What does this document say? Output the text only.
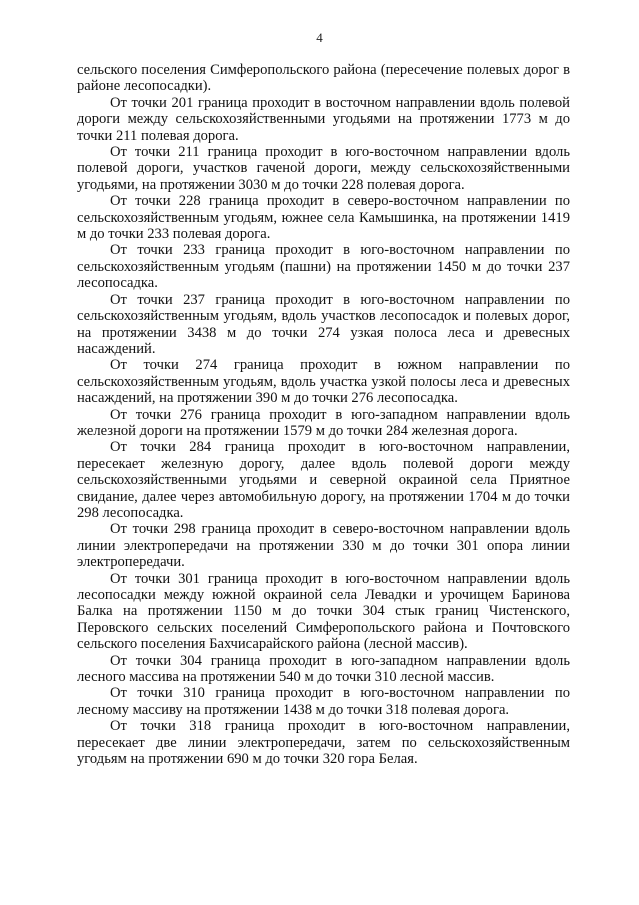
4

сельского поселения Симферопольского района (пересечение полевых дорог в районе лесопосадки).

От точки 201 граница проходит в восточном направлении вдоль полевой дороги между сельскохозяйственными угодьями на протяжении 1773 м до точки 211 полевая дорога.

От точки 211 граница проходит в юго-восточном направлении вдоль полевой дороги, участков гаченой дороги, между сельскохозяйственными угодьями, на протяжении 3030 м до точки 228 полевая дорога.

От точки 228 граница проходит в северо-восточном направлении по сельскохозяйственным угодьям, южнее села Камышинка, на протяжении 1419 м до точки 233 полевая дорога.

От точки 233 граница проходит в юго-восточном направлении по сельскохозяйственным угодьям (пашни) на протяжении 1450 м до точки 237 лесопосадка.

От точки 237 граница проходит в юго-восточном направлении по сельскохозяйственным угодьям, вдоль участков лесопосадок и полевых дорог, на протяжении 3438 м до точки 274 узкая полоса леса и древесных насаждений.

От точки 274 граница проходит в южном направлении по сельскохозяйственным угодьям, вдоль участка узкой полосы леса и древесных насаждений, на протяжении 390 м до точки 276 лесопосадка.

От точки 276 граница проходит в юго-западном направлении вдоль железной дороги на протяжении 1579 м до точки 284 железная дорога.

От точки 284 граница проходит в юго-восточном направлении, пересекает железную дорогу, далее вдоль полевой дороги между сельскохозяйственными угодьями и северной окраиной села Приятное свидание, далее через автомобильную дорогу, на протяжении 1704 м до точки 298 лесопосадка.

От точки 298 граница проходит в северо-восточном направлении вдоль линии электропередачи на протяжении 330 м до точки 301 опора линии электропередачи.

От точки 301 граница проходит в юго-восточном направлении вдоль лесопосадки между южной окраиной села Левадки и урочищем Баринова Балка на протяжении 1150 м до точки 304 стык границ Чистенского, Перовского сельских поселений Симферопольского района и Почтовского сельского поселения Бахчисарайского района (лесной массив).

От точки 304 граница проходит в юго-западном направлении вдоль лесного массива на протяжении 540 м до точки 310 лесной массив.

От точки 310 граница проходит в юго-восточном направлении по лесному массиву на протяжении 1438 м до точки 318 полевая дорога.

От точки 318 граница проходит в юго-восточном направлении, пересекает две линии электропередачи, затем по сельскохозяйственным угодьям на протяжении 690 м до точки 320 гора Белая.
